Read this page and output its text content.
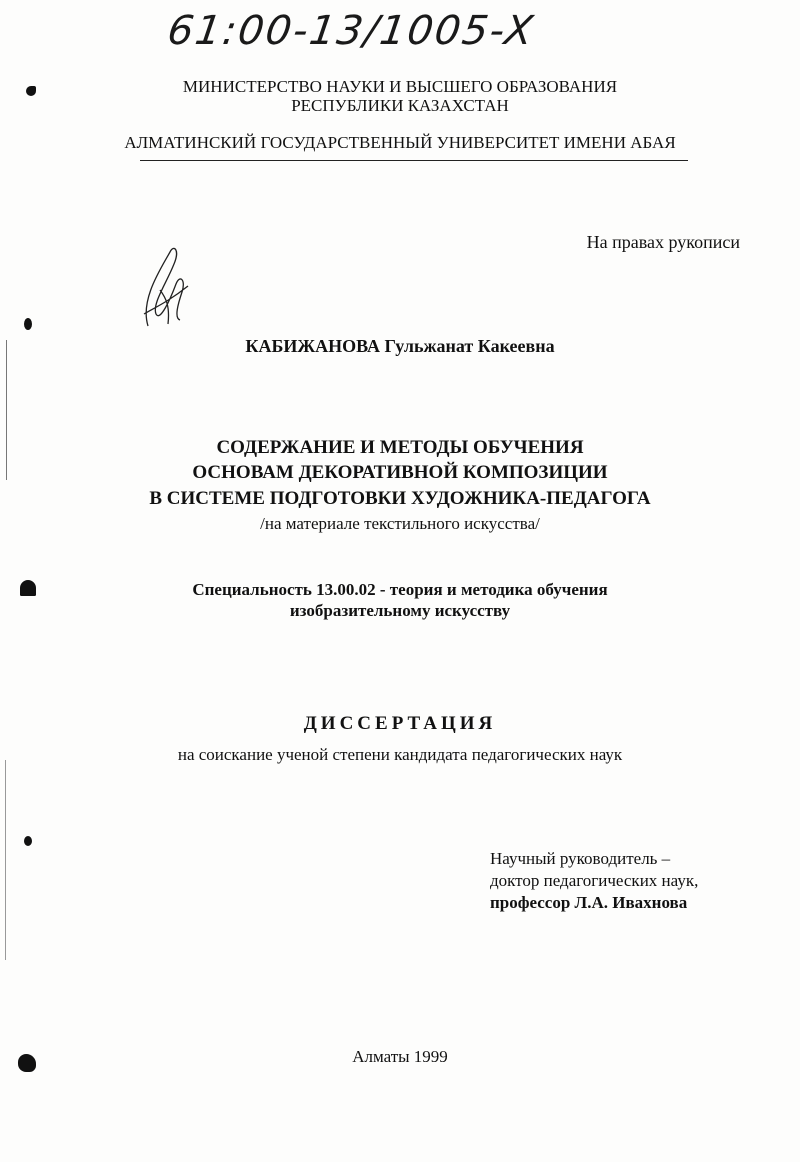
61:00-13/1005-X
МИНИСТЕРСТВО НАУКИ И ВЫСШЕГО ОБРАЗОВАНИЯ
РЕСПУБЛИКИ КАЗАХСТАН
АЛМАТИНСКИЙ ГОСУДАРСТВЕННЫЙ УНИВЕРСИТЕТ ИМЕНИ АБАЯ
На правах рукописи
КАБИЖАНОВА Гульжанат Какеевна
СОДЕРЖАНИЕ И МЕТОДЫ ОБУЧЕНИЯ
ОСНОВАМ ДЕКОРАТИВНОЙ КОМПОЗИЦИИ
В СИСТЕМЕ ПОДГОТОВКИ ХУДОЖНИКА-ПЕДАГОГА
/на материале текстильного искусства/
Специальность 13.00.02 - теория и методика обучения
изобразительному искусству
ДИССЕРТАЦИЯ
на соискание ученой степени кандидата педагогических наук
Научный руководитель –
доктор педагогических наук,
профессор Л.А. Ивахнова
Алматы 1999
